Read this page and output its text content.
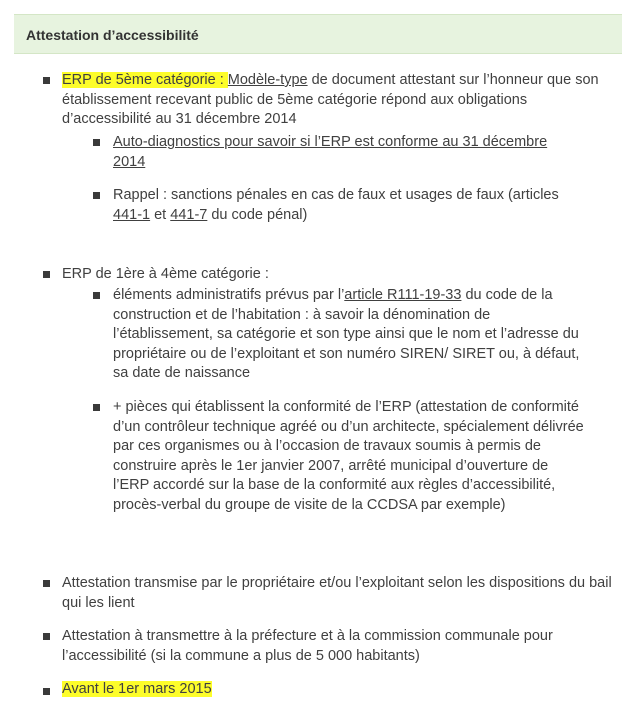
Attestation d’accessibilité
ERP de 5ème catégorie : Modèle-type de document attestant sur l’honneur que son établissement recevant public de 5ème catégorie répond aux obligations d’accessibilité au 31 décembre 2014
Auto-diagnostics pour savoir si l’ERP est conforme au 31 décembre 2014
Rappel : sanctions pénales en cas de faux et usages de faux (articles 441-1 et 441-7 du code pénal)
ERP de 1ère à 4ème catégorie :
éléments administratifs prévus par l’article R111-19-33 du code de la construction et de l’habitation : à savoir la dénomination de l’établissement, sa catégorie et son type ainsi que le nom et l’adresse du propriétaire ou de l’exploitant et son numéro SIREN/ SIRET ou, à défaut, sa date de naissance
+ pièces qui établissent la conformité de l’ERP (attestation de conformité d’un contrôleur technique agréé ou d’un architecte, spécialement délivrée par ces organismes ou à l’occasion de travaux soumis à permis de construire après le 1er janvier 2007, arrêté municipal d’ouverture de l’ERP accordé sur la base de la conformité aux règles d’accessibilité, procès-verbal du groupe de visite de la CCDSA par exemple)
Attestation transmise par le propriétaire et/ou l’exploitant selon les dispositions du bail qui les lient
Attestation à transmettre à la préfecture et à la commission communale pour l’accessibilité (si la commune a plus de 5 000 habitants)
Avant le 1er mars 2015
